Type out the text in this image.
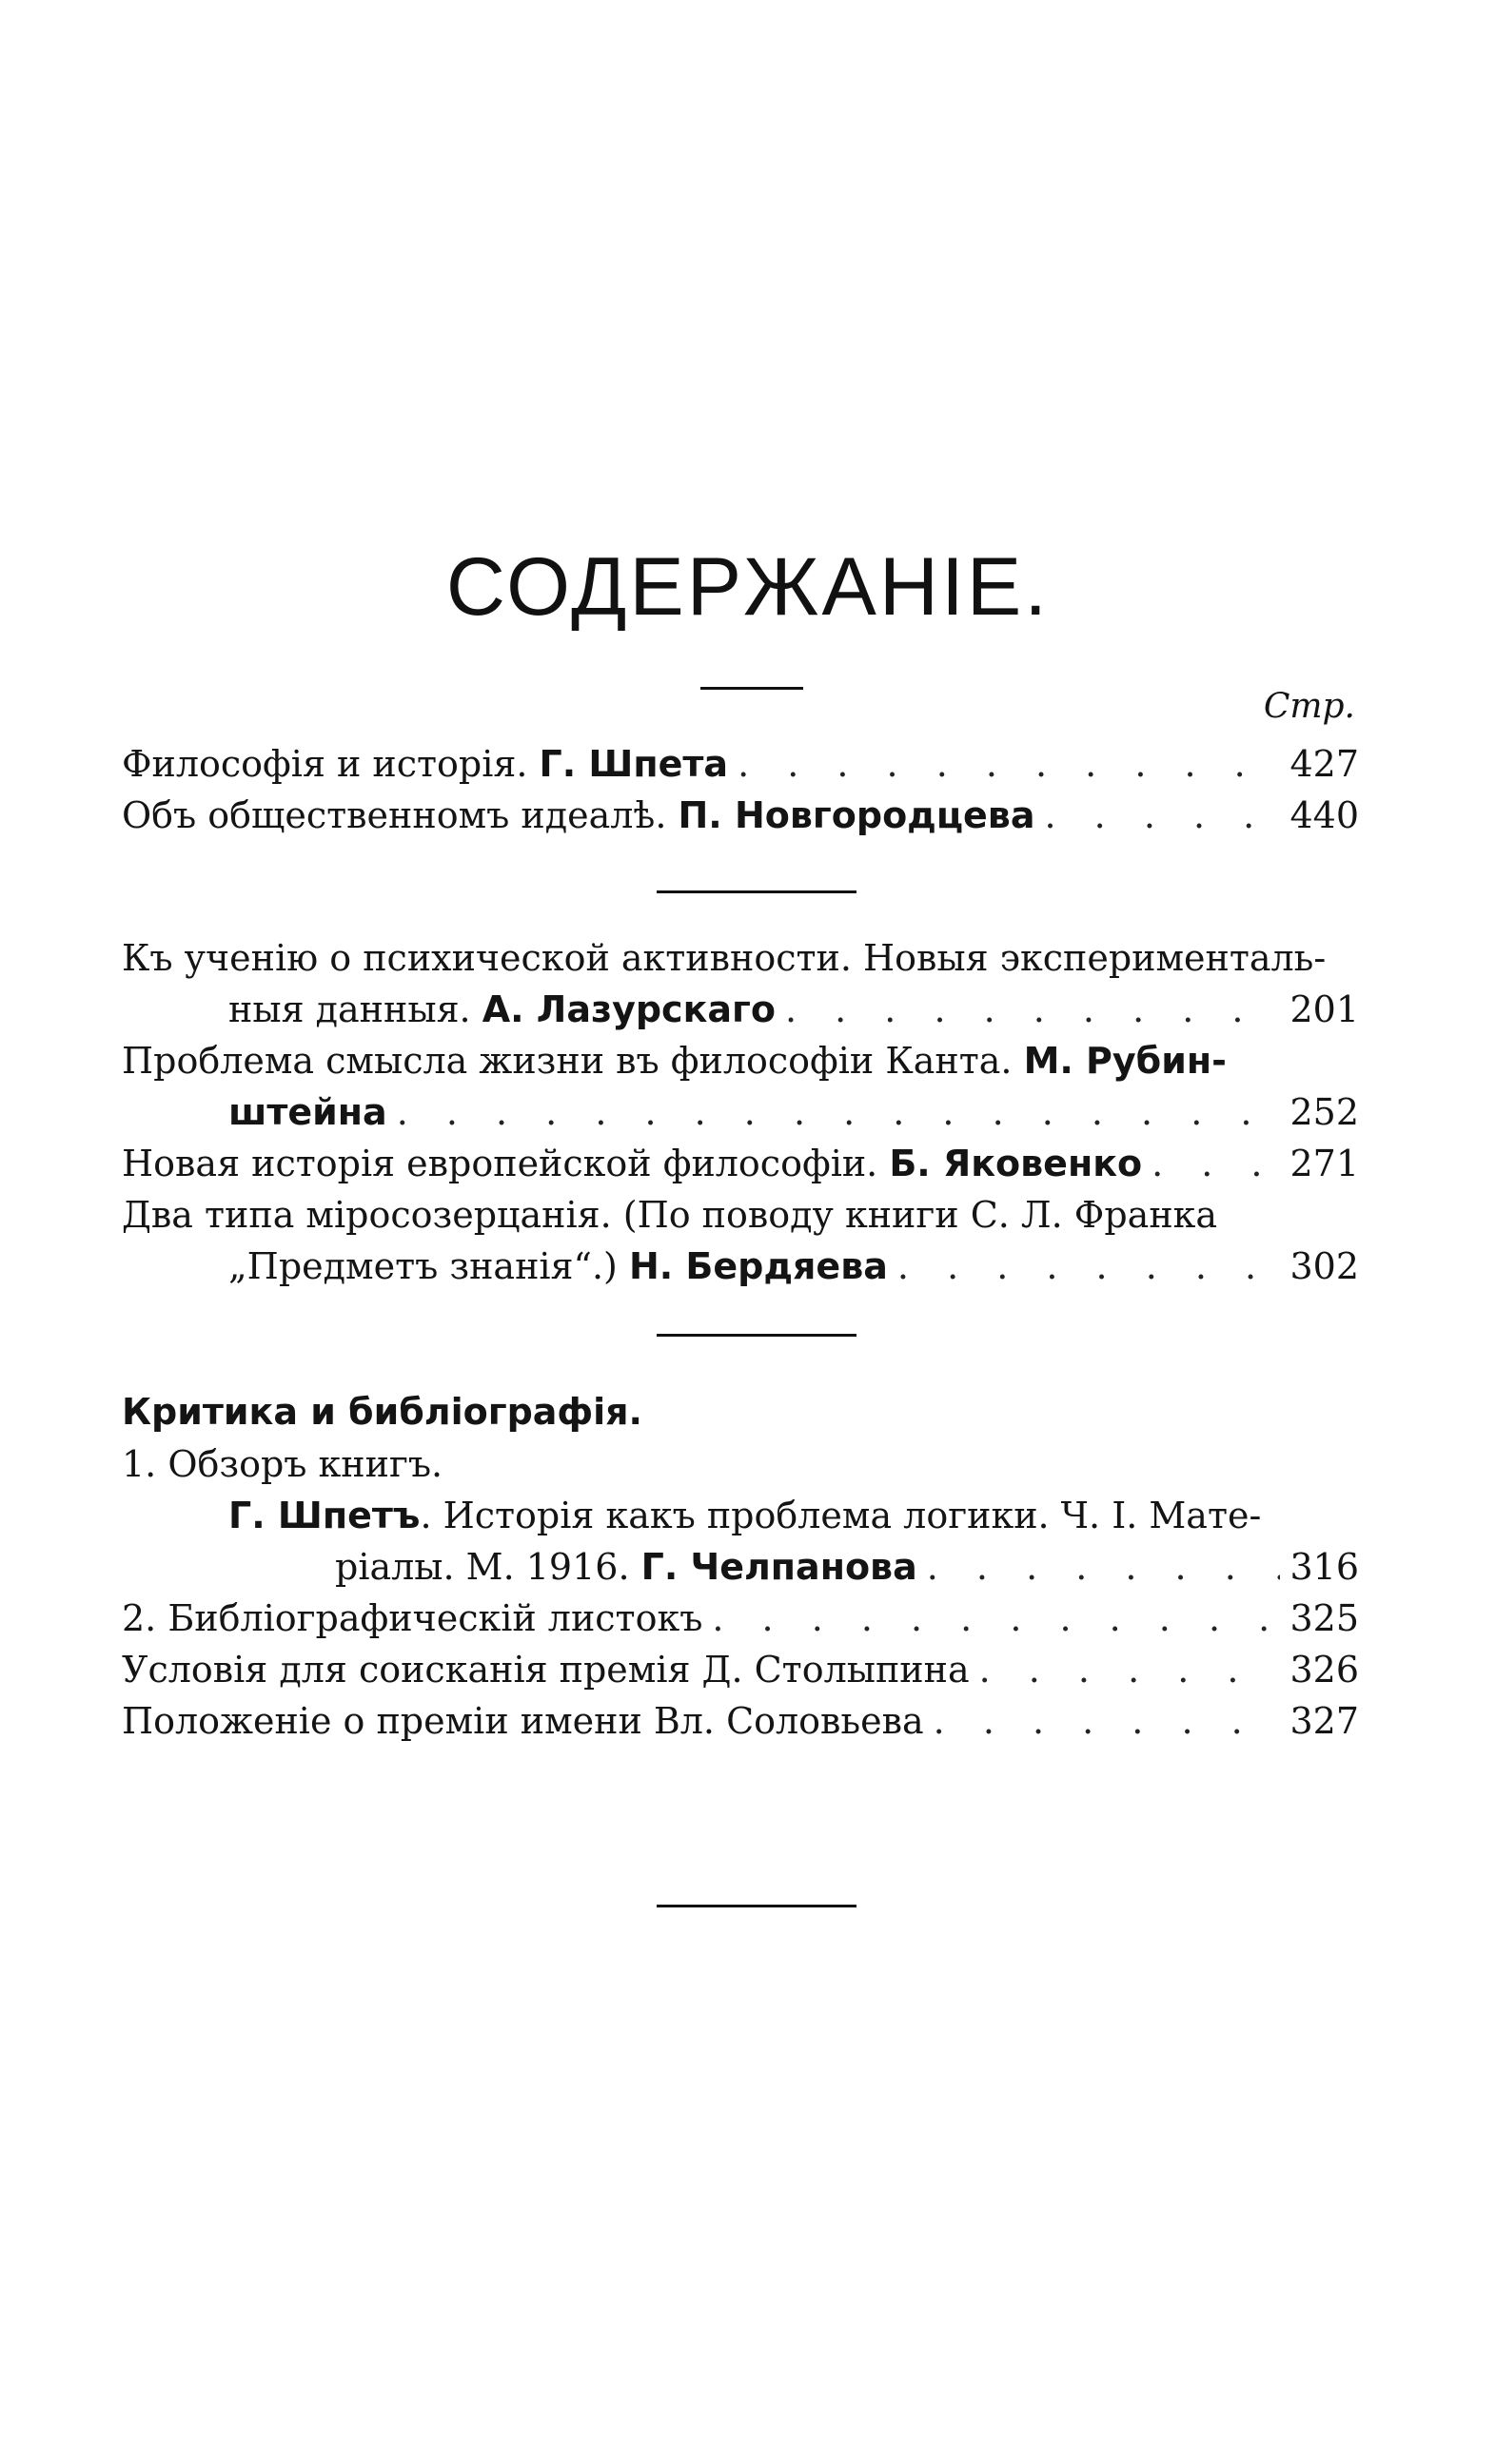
СОДЕРЖАНІЕ.
Стр.
Философія и исторія. Г. Шпета . . .	427
Объ общественномъ идеалѣ. П. Новгородцева . . .	440
Къ ученію о психической активности. Новыя эксперименталь-
ныя данныя. А. Лазурскаго . . .	201
Проблема смысла жизни въ философіи Канта. М. Рубин-
штейна . . .	252
Новая исторія европейской философіи. Б. Яковенко . . .	271
Два типа міросозерцанія. (По поводу книги С. Л. Франка
„Предметъ знанія“.) Н. Бердяева . . .	302
Критика и библіографія.
1. Обзоръ книгъ.
Г. Шпетъ. Исторія какъ проблема логики. Ч. I. Мате-
ріалы. М. 1916. Г. Челпанова . . .	316
2. Библіографическій листокъ . . .	325
Условія для соисканія премія Д. Столыпина . . .	326
Положеніе о преміи имени Вл. Соловьева . . .	327
